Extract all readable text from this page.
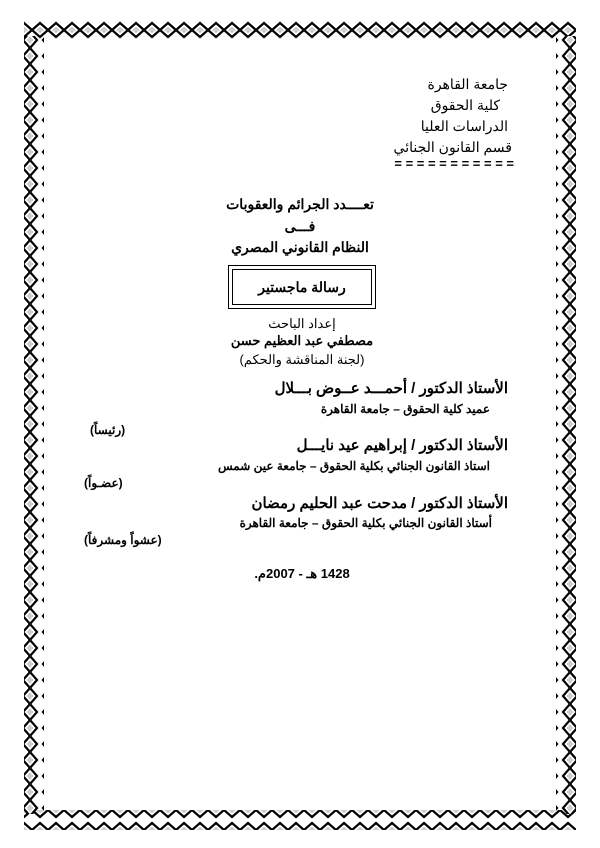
جامعة القاهرة
كلية الحقوق
الدراسات العليا
قسم القانون الجنائي
= = = = = = = = = = =
تعــــدد الجرائم والعقوبات
فـــى
النظام القانوني المصري
رسالة ماجستير
إعداد الباحث
مصطفي عبد العظيم حسن
(لجنة المناقشة والحكم)
الأستاذ الدكتور / أحمـــد عــوض بـــلال
عميد كلية الحقوق – جامعة القاهرة
(رئيساً)
الأستاذ الدكتور / إبراهيم عيد نايـــل
استاذ القانون الجنائي بكلية الحقوق – جامعة عين شمس
(عضـواً)
الأستاذ الدكتور / مدحت عبد الحليم رمضان
أستاذ القانون الجنائي بكلية الحقوق – جامعة القاهرة
(عشواً ومشرفاً)
1428 هـ - 2007م.
